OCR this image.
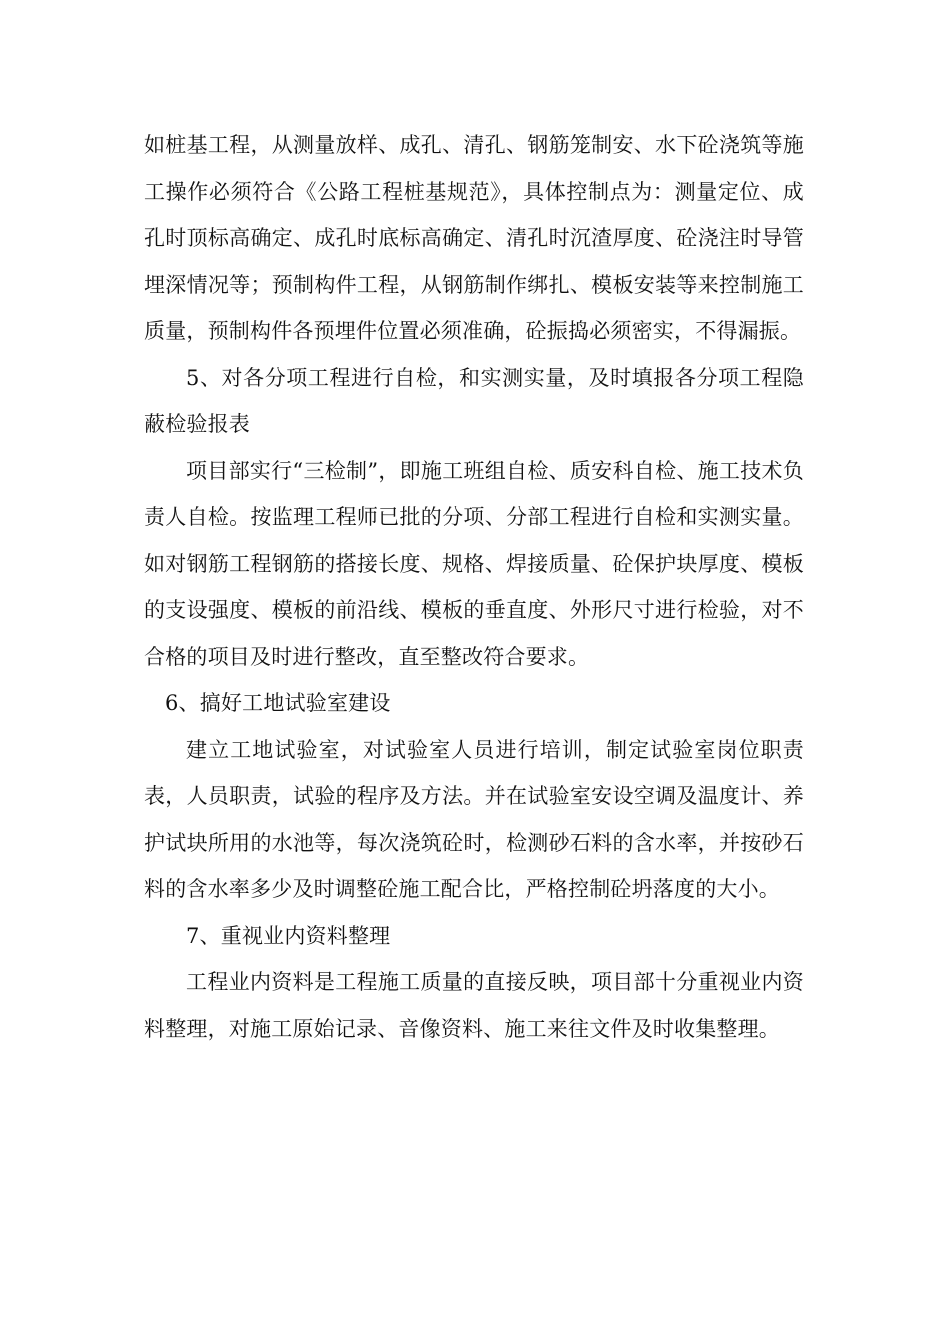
如桩基工程，从测量放样、成孔、清孔、钢筋笼制安、水下砼浇筑等施工操作必须符合《公路工程桩基规范》，具体控制点为：测量定位、成孔时顶标高确定、成孔时底标高确定、清孔时沉渣厚度、砼浇注时导管埋深情况等；预制构件工程，从钢筋制作绑扎、模板安装等来控制施工质量，预制构件各预埋件位置必须准确，砼振捣必须密实，不得漏振。

5、对各分项工程进行自检，和实测实量，及时填报各分项工程隐蔽检验报表

项目部实行“三检制”，即施工班组自检、质安科自检、施工技术负责人自检。按监理工程师已批的分项、分部工程进行自检和实测实量。如对钢筋工程钢筋的搭接长度、规格、焊接质量、砼保护块厚度、模板的支设强度、模板的前沿线、模板的垂直度、外形尺寸进行检验，对不合格的项目及时进行整改，直至整改符合要求。

6、搞好工地试验室建设

建立工地试验室，对试验室人员进行培训，制定试验室岗位职责表，人员职责，试验的程序及方法。并在试验室安设空调及温度计、养护试块所用的水池等，每次浇筑砼时，检测砂石料的含水率，并按砂石料的含水率多少及时调整砼施工配合比，严格控制砼坍落度的大小。

7、重视业内资料整理

工程业内资料是工程施工质量的直接反映，项目部十分重视业内资料整理，对施工原始记录、音像资料、施工来往文件及时收集整理。
